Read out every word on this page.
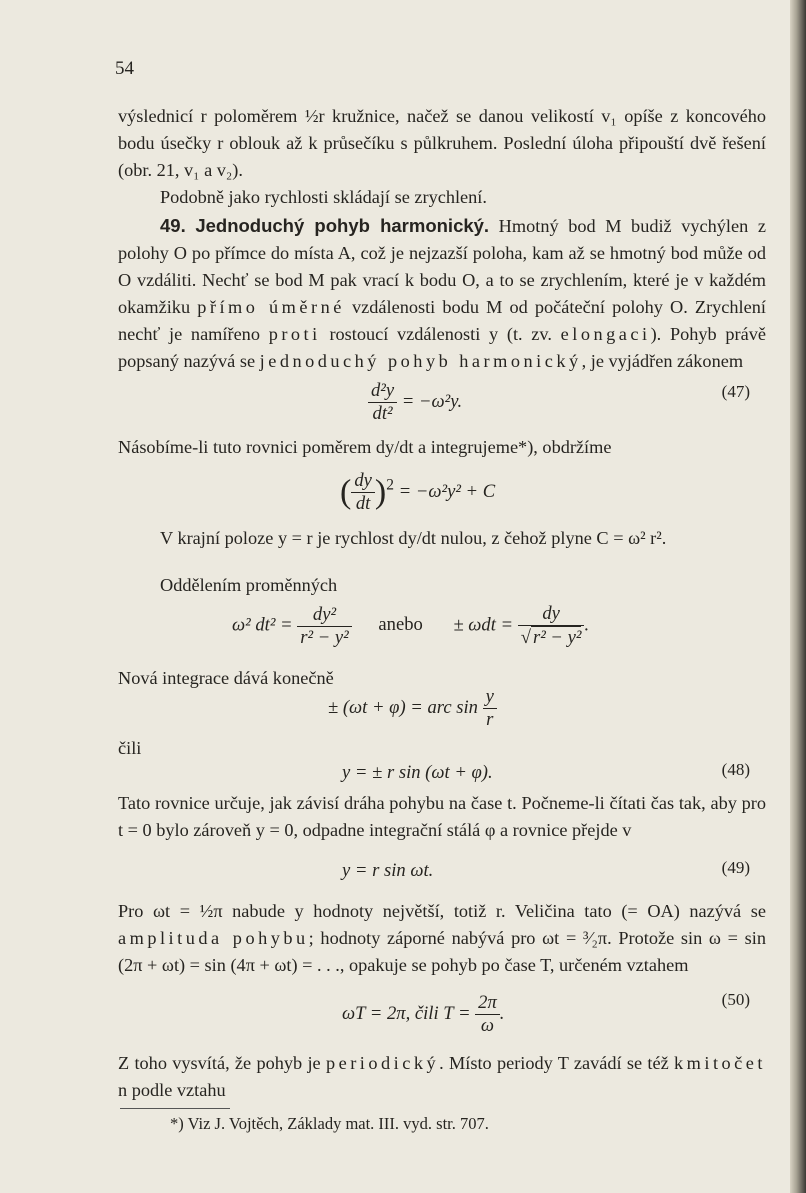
54
výslednicí r poloměrem ½r kružnice, načež se danou velikostí v₁ opíše z koncového bodu úsečky r oblouk až k průsečíku s půlkruhem. Poslední úloha připouští dvě řešení (obr. 21, v₁ a v₂).
Podobně jako rychlosti skládají se zrychlení.
49. Jednoduchý pohyb harmonický. Hmotný bod M budiž vychýlen z polohy O po přímce do místa A, což je nejzazší poloha, kam až se hmotný bod může od O vzdáliti. Nechť se bod M pak vrací k bodu O, a to se zrychlením, které je v každém okamžiku přímo úměrné vzdálenosti bodu M od počáteční polohy O. Zrychlení nechť je namířeno proti rostoucí vzdálenosti y (t. zv. elongaci). Pohyb právě popsaný nazývá se jednoduchý pohyb harmonický, je vyjádřen zákonem
$\frac{\text{d²y}}{\text{dt²}} = -\omega^2y$.	(47)
Násobíme-li tuto rovnici poměrem dy/dt a integrujeme*), obdržíme
( $\frac{dy}{dt} )^2 = -\omega^2y^2 + C$
V krajní poloze y = r je rychlost dy/dt nulou, z čehož plyne C = ω² r².
Oddělením proměnných
ω² $dt^2 = \frac{\text{dy²}}{\text{r² − y²}}$ anebo ± $\omega dt = \frac{dy}{\text{√ r² − y²}}$ .
Nová integrace dává konečně
± (ωt + φ) = arc $\sin \frac{y}{r}$
čili
y = ± r sin (ωt + φ).	(48)
Tato rovnice určuje, jak závisí dráha pohybu na čase t. Počneme-li čítati čas tak, aby pro t = 0 bylo zároveň y = 0, odpadne integrační stálá φ a rovnice přejde v
y = r sin ωt.	(49)
Pro ωt = ½π nabude y hodnoty největší, totiž r. Veličina tato (= OA) nazývá se amplituda pohybu; hodnoty záporné nabývá pro ωt = ³⁄₂π. Protože sin ω = sin (2π + ωt) = sin (4π + ωt) = . . ., opakuje se pohyb po čase T, určeném vztahem
ωT = 2π, čili $T = \frac{2\pi}{\omega}$ .
(50)
Z toho vysvítá, že pohyb je periodický. Místo periody T zavádí se též kmitočet n podle vztahu
*) Viz J. Vojtěch, Základy mat. III. vyd. str. 707.
